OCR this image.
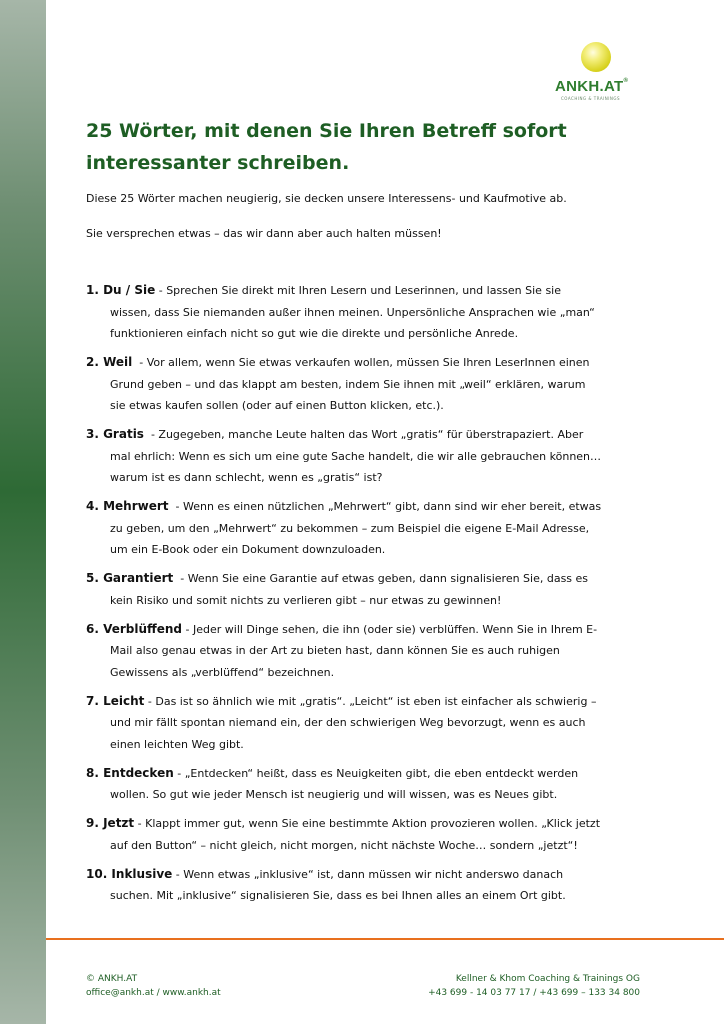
ANKH.AT®
COACHING & TRAININGS
25 Wörter, mit denen Sie Ihren Betreff sofort
interessanter schreiben.
Diese 25 Wörter machen neugierig, sie decken unsere Interessens- und Kaufmotive ab.
Sie versprechen etwas – das wir dann aber auch halten müssen!
1. Du / Sie - Sprechen Sie direkt mit Ihren Lesern und Leserinnen, und lassen Sie sie
wissen, dass Sie niemanden außer ihnen meinen. Unpersönliche Ansprachen wie „man“
funktionieren einfach nicht so gut wie die direkte und persönliche Anrede.
2. Weil  - Vor allem, wenn Sie etwas verkaufen wollen, müssen Sie Ihren LeserInnen einen
Grund geben – und das klappt am besten, indem Sie ihnen mit „weil“ erklären, warum
sie etwas kaufen sollen (oder auf einen Button klicken, etc.).
3. Gratis  - Zugegeben, manche Leute halten das Wort „gratis“ für überstrapaziert. Aber
mal ehrlich: Wenn es sich um eine gute Sache handelt, die wir alle gebrauchen können…
warum ist es dann schlecht, wenn es „gratis“ ist?
4. Mehrwert  - Wenn es einen nützlichen „Mehrwert“ gibt, dann sind wir eher bereit, etwas
zu geben, um den „Mehrwert“ zu bekommen – zum Beispiel die eigene E-Mail Adresse,
um ein E-Book oder ein Dokument downzuloaden.
5. Garantiert  - Wenn Sie eine Garantie auf etwas geben, dann signalisieren Sie, dass es
kein Risiko und somit nichts zu verlieren gibt – nur etwas zu gewinnen!
6. Verblüffend - Jeder will Dinge sehen, die ihn (oder sie) verblüffen. Wenn Sie in Ihrem E-
Mail also genau etwas in der Art zu bieten hast, dann können Sie es auch ruhigen
Gewissens als „verblüffend“ bezeichnen.
7. Leicht - Das ist so ähnlich wie mit „gratis“. „Leicht“ ist eben ist einfacher als schwierig –
und mir fällt spontan niemand ein, der den schwierigen Weg bevorzugt, wenn es auch
einen leichten Weg gibt.
8. Entdecken - „Entdecken“ heißt, dass es Neuigkeiten gibt, die eben entdeckt werden
wollen. So gut wie jeder Mensch ist neugierig und will wissen, was es Neues gibt.
9. Jetzt - Klappt immer gut, wenn Sie eine bestimmte Aktion provozieren wollen. „Klick jetzt
auf den Button“ – nicht gleich, nicht morgen, nicht nächste Woche… sondern „jetzt“!
10. Inklusive - Wenn etwas „inklusive“ ist, dann müssen wir nicht anderswo danach
suchen. Mit „inklusive“ signalisieren Sie, dass es bei Ihnen alles an einem Ort gibt.
© ANKH.AT
office@ankh.at / www.ankh.at
Kellner & Khom Coaching & Trainings OG
+43 699 - 14 03 77 17 / +43 699 – 133 34 800
